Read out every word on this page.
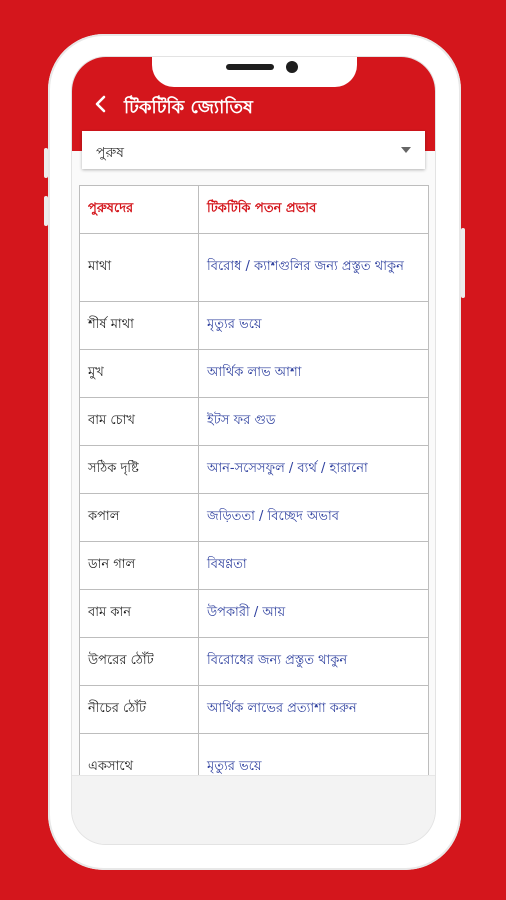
টিকটিকি জ্যোতিষ
পুরুষ
পুরুষদের	টিকটিকি পতন প্রভাব
মাথা	বিরোধ / ক্যাশগুলির জন্য প্রস্তুত থাকুন
শীর্ষ মাথা	মৃত্যুর ভয়ে
মুখ	আর্থিক লাভ আশা
বাম চোখ	ইটস ফর গুড
সঠিক দৃষ্টি	আন-সসেসফুল / ব্যর্থ / হারানো
কপাল	জড়িততা / বিচ্ছেদ অভাব
ডান গাল	বিষণ্ণতা
বাম কান	উপকারী / আয়
উপরের ঠোঁট	বিরোধের জন্য প্রস্তুত থাকুন
নীচের ঠোঁট	আর্থিক লাভের প্রত্যাশা করুন
একসাথে	মৃত্যুর ভয়ে
